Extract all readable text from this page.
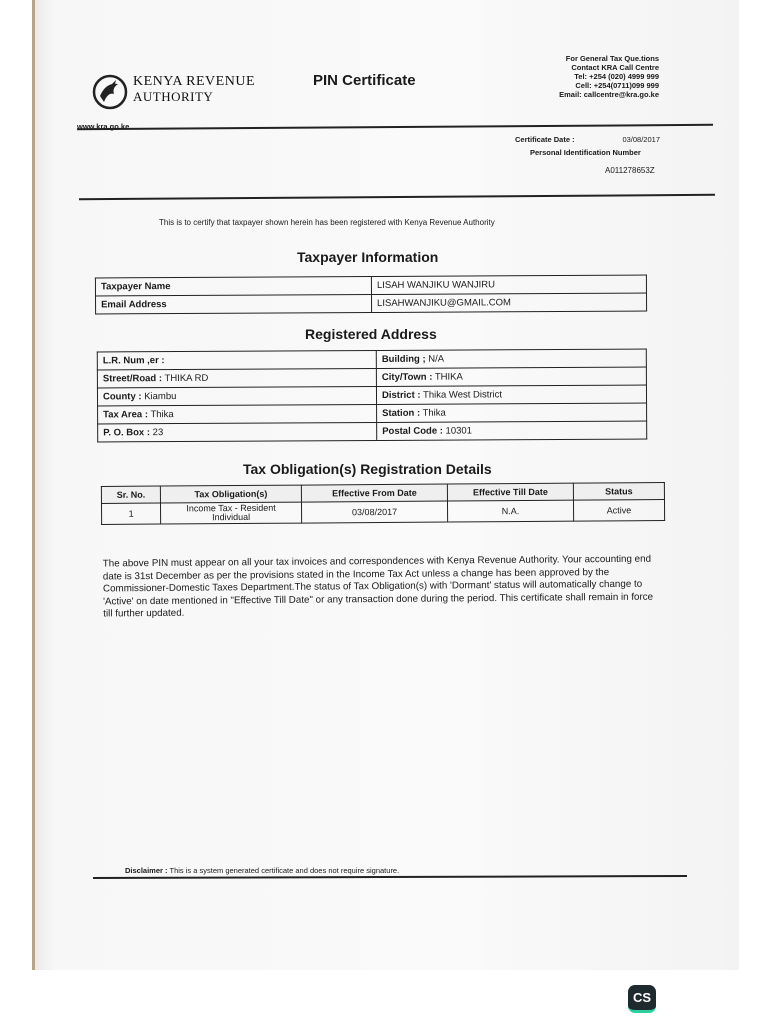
KENYA REVENUE
AUTHORITY
PIN Certificate
For General Tax Que.tions
Contact KRA Call Centre
Tel: +254 (020) 4999 999
Cell: +254(0711)099 999
Email: callcentre@kra.go.ke
www.kra.go.ke
Certificate Date :	03/08/2017
Personal Identification Number
A011278653Z
This is to certify that taxpayer shown herein has been registered with Kenya Revenue Authority
Taxpayer Information
Taxpayer Name	LISAH WANJIKU WANJIRU
Email Address	LISAHWANJIKU@GMAIL.COM
Registered Address
L.R. Num ,er :	Building ; N/A
Street/Road : THIKA RD	City/Town : THIKA
County : Kiambu	District : Thika West District
Tax Area : Thika	Station : Thika
P. O. Box : 23	Postal Code : 10301
Tax Obligation(s) Registration Details
Sr. No.	Tax Obligation(s)	Effective From Date	Effective Till Date	Status
1	Income Tax - Resident Individual	03/08/2017	N.A.	Active
The above PIN must appear on all your tax invoices and correspondences with Kenya Revenue Authority. Your accounting end date is 31st December as per the provisions stated in the Income Tax Act unless a change has been approved by the Commissioner-Domestic Taxes Department.The status of Tax Obligation(s) with 'Dormant' status will automatically change to 'Active' on date mentioned in "Effective Till Date" or any transaction done during the period. This certificate shall remain in force till further updated.
Disclaimer : This is a system generated certificate and does not require signature.
CS
